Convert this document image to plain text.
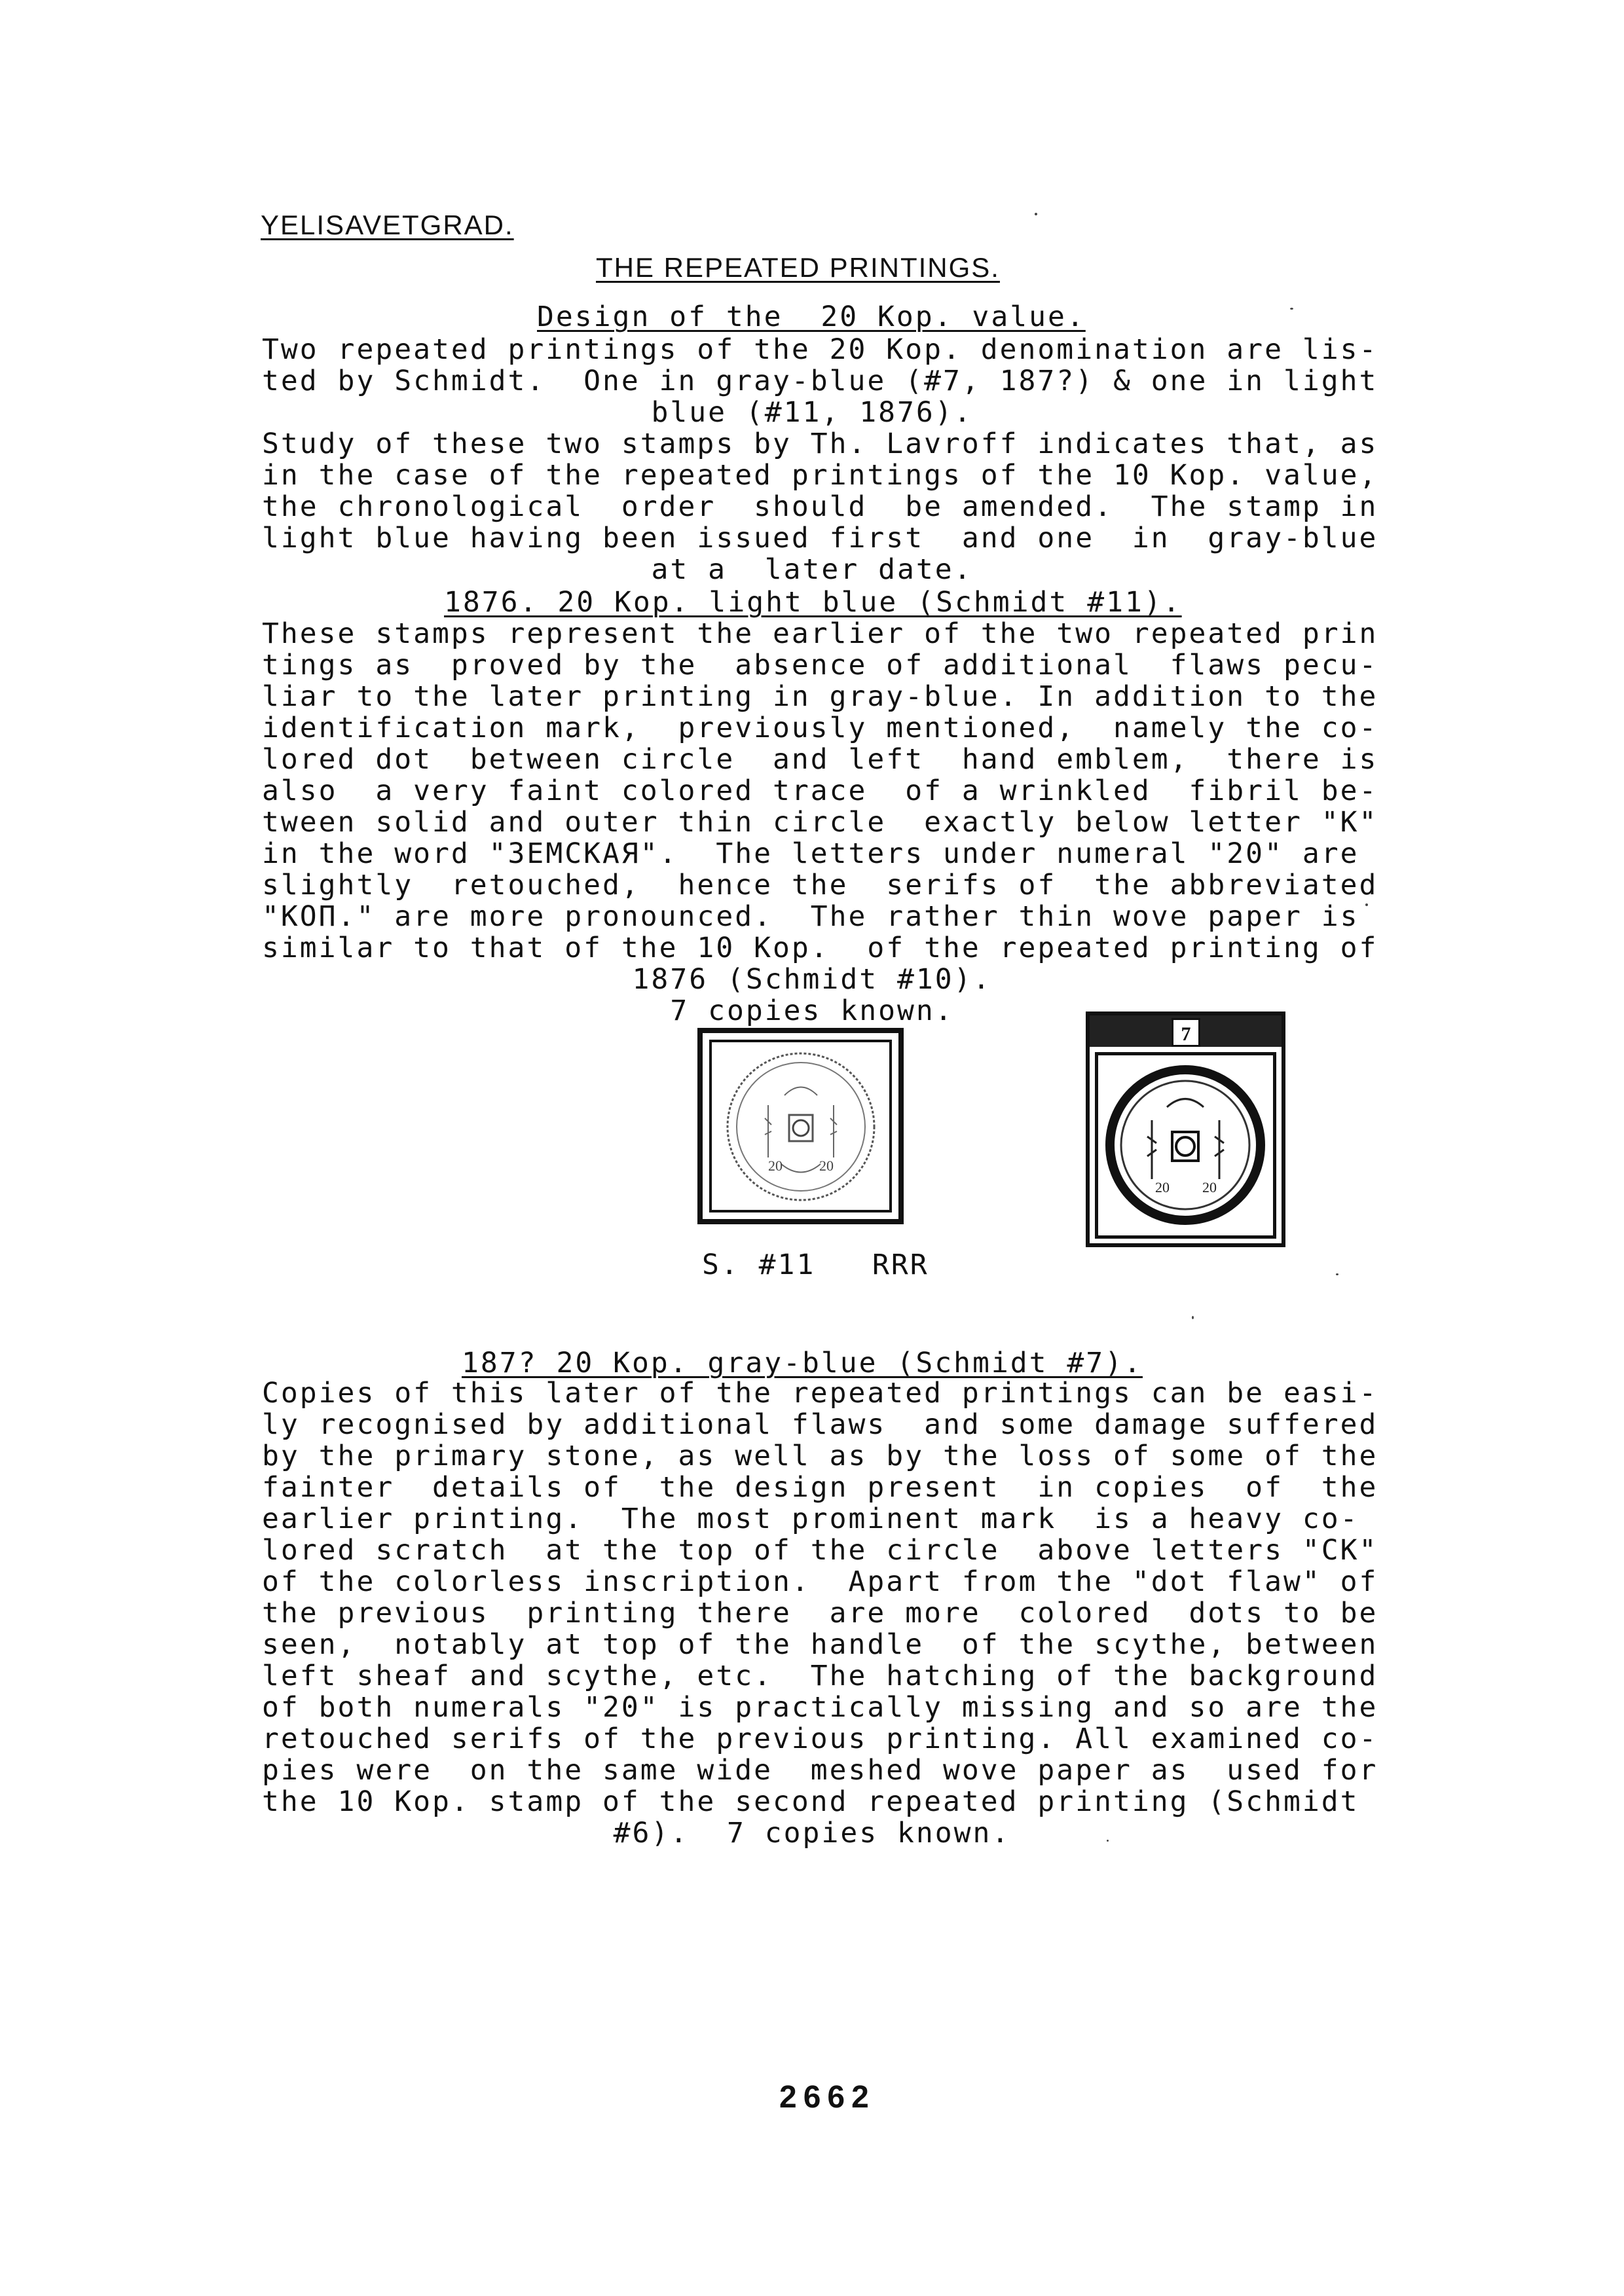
YELISAVETGRAD.
THE REPEATED PRINTINGS.
Design of the  20 Kop. value.
Two repeated printings of the 20 Kop. denomination are lis-
ted by Schmidt.  One in gray-blue (#7, 187?) & one in light
blue (#11, 1876).
Study of these two stamps by Th. Lavroff indicates that, as
in the case of the repeated printings of the 10 Kop. value,
the chronological  order  should  be amended.  The stamp in
light blue having been issued first  and one  in  gray-blue
at a  later date.
1876. 20 Kop. light blue (Schmidt #11).
These stamps represent the earlier of the two repeated prin
tings as  proved by the  absence of additional  flaws pecu-
liar to the later printing in gray-blue. In addition to the
identification mark,  previously mentioned,  namely the co-
lored dot  between circle  and left  hand emblem,  there is
also  a very faint colored trace  of a wrinkled  fibril be-
tween solid and outer thin circle  exactly below letter "K"
in the word "ЗЕМСКАЯ".  The letters under numeral "20" are
slightly  retouched,  hence the  serifs of  the abbreviated
"КОП." are more pronounced.  The rather thin wove paper is
similar to that of the 10 Kop.  of the repeated printing of
1876 (Schmidt #10).
7 copies known.
20	20
7
20 20
S. #11   RRR
187? 20 Kop. gray-blue (Schmidt #7).
Copies of this later of the repeated printings can be easi-
ly recognised by additional flaws  and some damage suffered
by the primary stone, as well as by the loss of some of the
fainter  details of  the design present  in copies  of  the
earlier printing.  The most prominent mark  is a heavy co-
lored scratch  at the top of the circle  above letters "CK"
of the colorless inscription.  Apart from the "dot flaw" of
the previous  printing there  are more  colored  dots to be
seen,  notably at top of the handle  of the scythe, between
left sheaf and scythe, etc.  The hatching of the background
of both numerals "20" is practically missing and so are the
retouched serifs of the previous printing. All examined co-
pies were  on the same wide  meshed wove paper as  used for
the 10 Kop. stamp of the second repeated printing (Schmidt
#6).  7 copies known.
2662
